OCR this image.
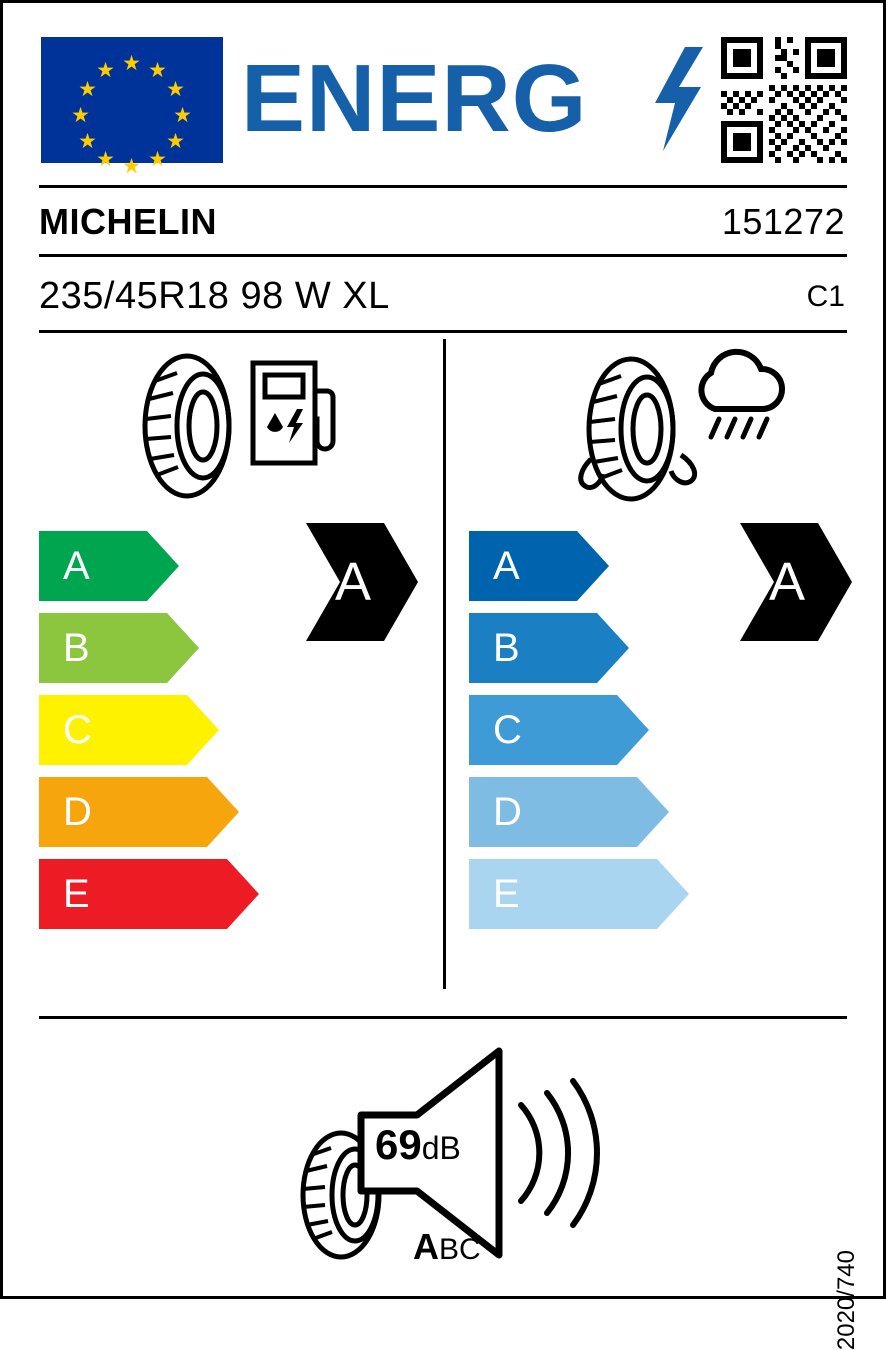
★ ★
★
★
★
★
★
★
★
★
★
★ ENERG
MICHELIN	151272
235/45R18 98 W XL	C1
A
B
C
D
E
A
B
C
D
E
A	A
69dB
ABC
2020/740
